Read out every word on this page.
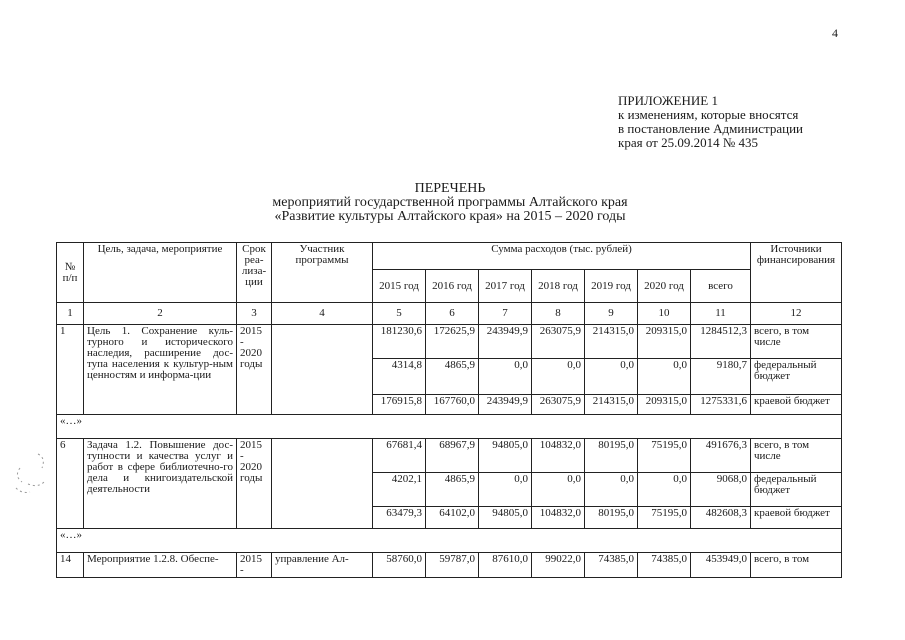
4
ПРИЛОЖЕНИЕ 1
к изменениям, которые вносятся
в постановление Администрации
края от 25.09.2014 № 435
ПЕРЕЧЕНЬ
мероприятий государственной программы Алтайского края
«Развитие культуры Алтайского края» на 2015 – 2020 годы
№ п/п	Цель, задача, мероприятие	Срок реа-лиза-ции	Участник программы	Сумма расходов (тыс. рублей)							Источники финансирования
				2015 год	2016 год	2017 год	2018 год	2019 год	2020 год	всего	
1	2	3	4	5	6	7	8	9	10	11	12
1	Цель 1. Сохранение куль-турного и исторического наследия, расширение дос-тупа населения к культур-ным ценностям и информа-ции	2015 - 2020 годы		181230,6	172625,9	243949,9	263075,9	214315,0	209315,0	1284512,3	всего, в том числе
				4314,8	4865,9	0,0	0,0	0,0	0,0	9180,7	федеральный бюджет
				176915,8	167760,0	243949,9	263075,9	214315,0	209315,0	1275331,6	краевой бюджет
«…»											
6	Задача 1.2. Повышение дос-тупности и качества услуг и работ в сфере библиотечно-го дела и книгоиздательской деятельности	2015 - 2020 годы		67681,4	68967,9	94805,0	104832,0	80195,0	75195,0	491676,3	всего, в том числе
				4202,1	4865,9	0,0	0,0	0,0	0,0	9068,0	федеральный бюджет
				63479,3	64102,0	94805,0	104832,0	80195,0	75195,0	482608,3	краевой бюджет
«…»											
14	Мероприятие 1.2.8. Обеспе-	2015 -	управление Ал-	58760,0	59787,0	87610,0	99022,0	74385,0	74385,0	453949,0	всего, в том
